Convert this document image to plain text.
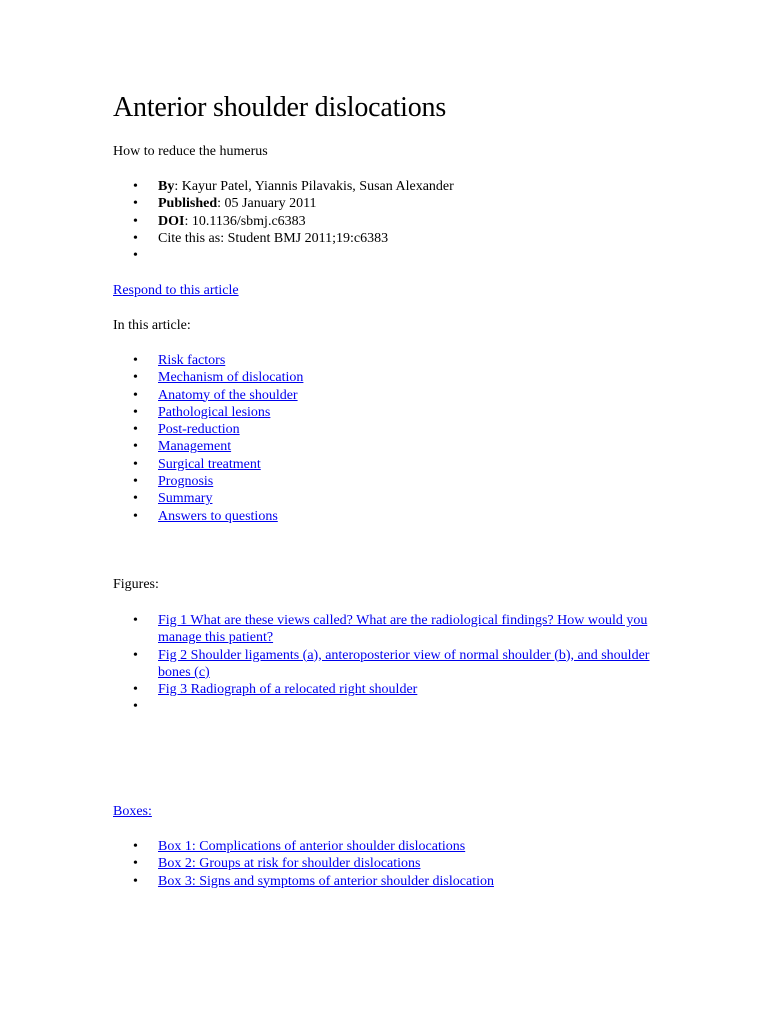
Anterior shoulder dislocations
How to reduce the humerus
• By: Kayur Patel, Yiannis Pilavakis, Susan Alexander
• Published: 05 January 2011
• DOI: 10.1136/sbmj.c6383
• Cite this as: Student BMJ 2011;19:c6383
•
Respond to this article
In this article:
• Risk factors
• Mechanism of dislocation
• Anatomy of the shoulder
• Pathological lesions
• Post-reduction
• Management
• Surgical treatment
• Prognosis
• Summary
• Answers to questions
Figures:
• Fig 1 What are these views called? What are the radiological findings? How would you manage this patient?
• Fig 2 Shoulder ligaments (a), anteroposterior view of normal shoulder (b), and shoulder bones (c)
• Fig 3 Radiograph of a relocated right shoulder
•
Boxes:
• Box 1: Complications of anterior shoulder dislocations
• Box 2: Groups at risk for shoulder dislocations
• Box 3: Signs and symptoms of anterior shoulder dislocation
